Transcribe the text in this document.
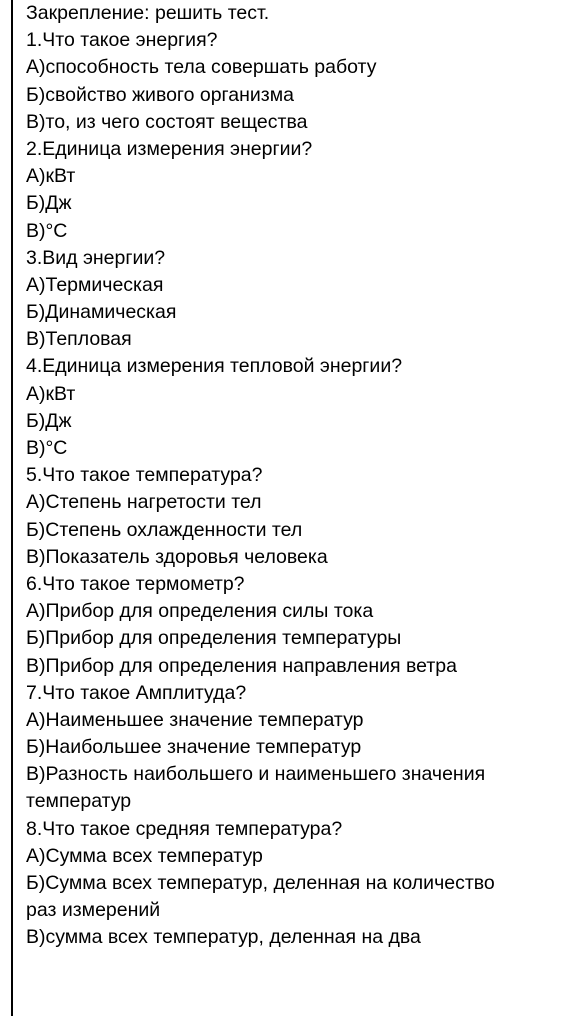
Закрепление: решить тест.
1.Что такое энергия?
А)способность тела совершать работу
Б)свойство живого организма
В)то, из чего состоят вещества
2.Единица измерения энергии?
А)кВт
Б)Дж
В)°С
3.Вид энергии?
А)Термическая
Б)Динамическая
В)Тепловая
4.Единица измерения тепловой энергии?
А)кВт
Б)Дж
В)°С
5.Что такое температура?
А)Степень нагретости тел
Б)Степень охлажденности тел
В)Показатель здоровья человека
6.Что такое термометр?
А)Прибор для определения силы тока
Б)Прибор для определения температуры
В)Прибор для определения направления ветра
7.Что такое Амплитуда?
А)Наименьшее значение температур
Б)Наибольшее значение температур
В)Разность наибольшего и наименьшего значения
температур
8.Что такое средняя температура?
А)Сумма всех температур
Б)Сумма всех температур, деленная на количество
раз измерений
В)сумма всех температур, деленная на два
